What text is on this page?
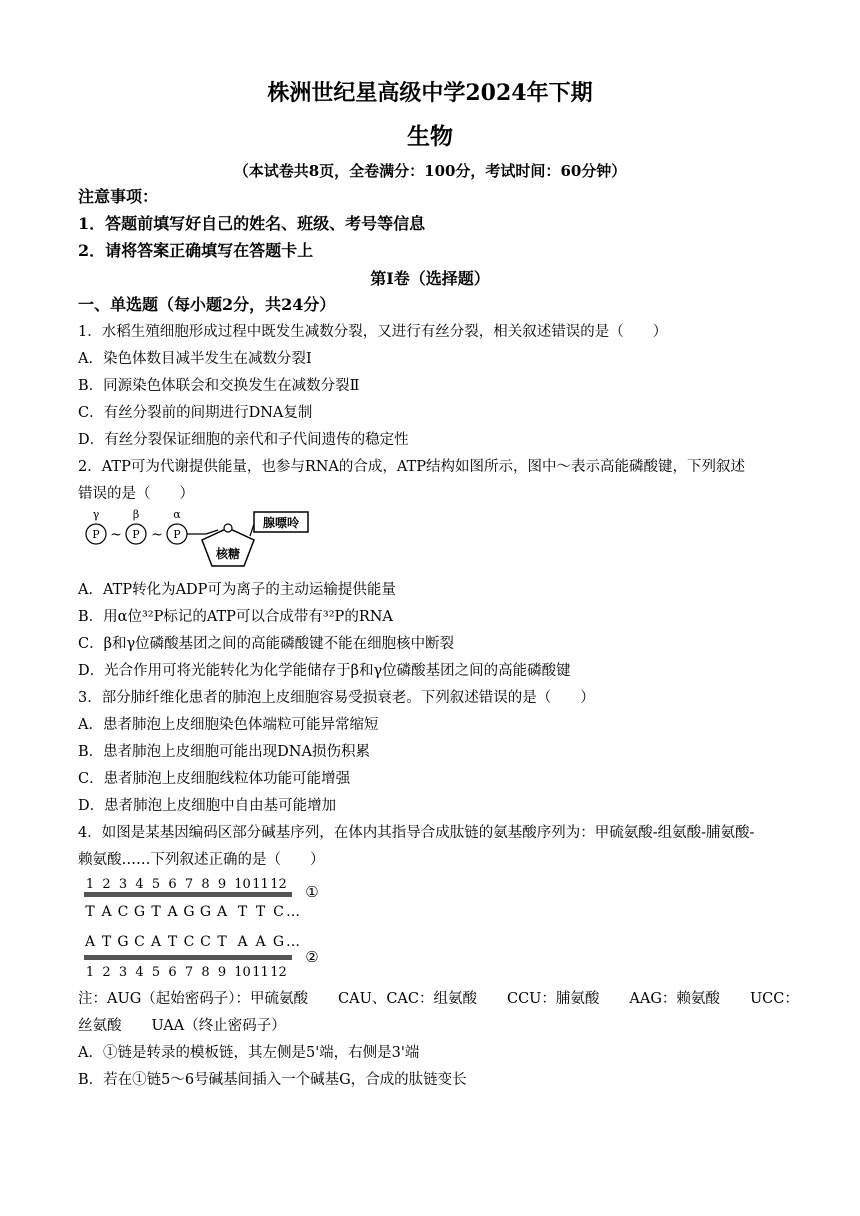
株洲世纪星高级中学2024年下期
生物
（本试卷共8页，全卷满分：100分，考试时间：60分钟）
注意事项：
1．答题前填写好自己的姓名、班级、考号等信息
2．请将答案正确填写在答题卡上
第I卷（选择题）
一、单选题（每小题2分，共24分）
1．水稻生殖细胞形成过程中既发生减数分裂，又进行有丝分裂，相关叙述错误的是（　　）
A．染色体数目减半发生在减数分裂Ⅰ
B．同源染色体联会和交换发生在减数分裂Ⅱ
C．有丝分裂前的间期进行DNA复制
D．有丝分裂保证细胞的亲代和子代间遗传的稳定性
2．ATP可为代谢提供能量，也参与RNA的合成，ATP结构如图所示，图中～表示高能磷酸键，下列叙述
错误的是（　　）
γ	β	α
P ~ P ~ P
核糖
腺嘌呤
A．ATP转化为ADP可为离子的主动运输提供能量
B．用α位³²P标记的ATP可以合成带有³²P的RNA
C．β和γ位磷酸基团之间的高能磷酸键不能在细胞核中断裂
D．光合作用可将光能转化为化学能储存于β和γ位磷酸基团之间的高能磷酸键
3．部分肺纤维化患者的肺泡上皮细胞容易受损衰老。下列叙述错误的是（　　）
A．患者肺泡上皮细胞染色体端粒可能异常缩短
B．患者肺泡上皮细胞可能出现DNA损伤积累
C．患者肺泡上皮细胞线粒体功能可能增强
D．患者肺泡上皮细胞中自由基可能增加
4．如图是某基因编码区部分碱基序列，在体内其指导合成肽链的氨基酸序列为：甲硫氨酸-组氨酸-脯氨酸-
赖氨酸……下列叙述正确的是（　　）
1 2 3 4 5 6 7 8 9 10 11 12 ①
T A C G T A G G A T T C …
A T G C A T C C T A A G …
②
1 2 3 4 5 6 7 8 9 10 11 12
注：AUG（起始密码子）：甲硫氨酸 CAU、CAC：组氨酸 CCU：脯氨酸 AAG：赖氨酸 UCC：
丝氨酸 UAA（终止密码子）
A．①链是转录的模板链，其左侧是5'端，右侧是3'端
B．若在①链5～6号碱基间插入一个碱基G，合成的肽链变长
